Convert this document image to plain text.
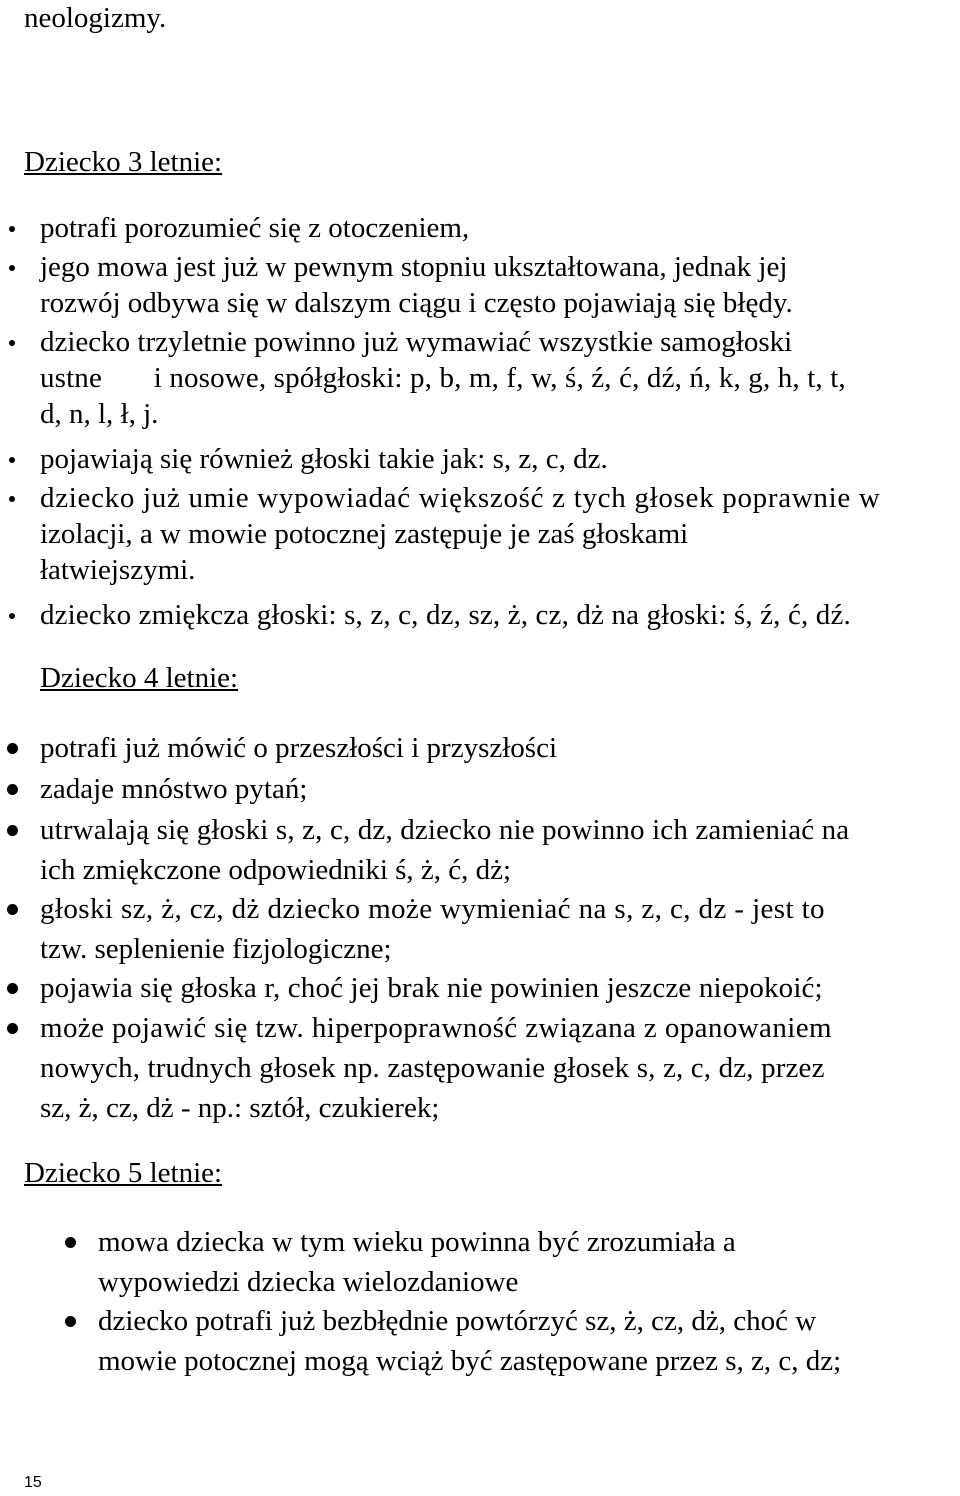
neologizmy.
Dziecko 3 letnie:
potrafi porozumieć się z otoczeniem,
jego mowa jest już w pewnym stopniu ukształtowana, jednak jej
rozwój odbywa się w dalszym ciągu i często pojawiają się błędy.
dziecko trzyletnie powinno już wymawiać wszystkie samogłoski
ustne       i nosowe, spółgłoski: p, b, m, f, w, ś, ź, ć, dź, ń, k, g, h, t, t,
d, n, l, ł, j.
pojawiają się również głoski takie jak: s, z, c, dz.
dziecko już umie wypowiadać większość z tych głosek poprawnie w
izolacji, a w mowie potocznej zastępuje je zaś głoskami
łatwiejszymi.
dziecko zmiękcza głoski: s, z, c, dz, sz, ż, cz, dż na głoski: ś, ź, ć, dź.
Dziecko 4 letnie:
potrafi już mówić o przeszłości i przyszłości
zadaje mnóstwo pytań;
utrwalają się głoski s, z, c, dz, dziecko nie powinno ich zamieniać na
ich zmiękczone odpowiedniki ś, ż, ć, dż;
głoski sz, ż, cz, dż dziecko może wymieniać na s, z, c, dz - jest to
tzw. seplenienie fizjologiczne;
pojawia się głoska r, choć jej brak nie powinien jeszcze niepokoić;
może pojawić się tzw. hiperpoprawność związana z opanowaniem
nowych, trudnych głosek np. zastępowanie głosek s, z, c, dz, przez
sz, ż, cz, dż - np.: sztół, czukierek;
Dziecko 5 letnie:
mowa dziecka w tym wieku powinna być zrozumiała a
wypowiedzi dziecka wielozdaniowe
dziecko potrafi już bezbłędnie powtórzyć sz, ż, cz, dż, choć w
mowie potocznej mogą wciąż być zastępowane przez s, z, c, dz;
15
